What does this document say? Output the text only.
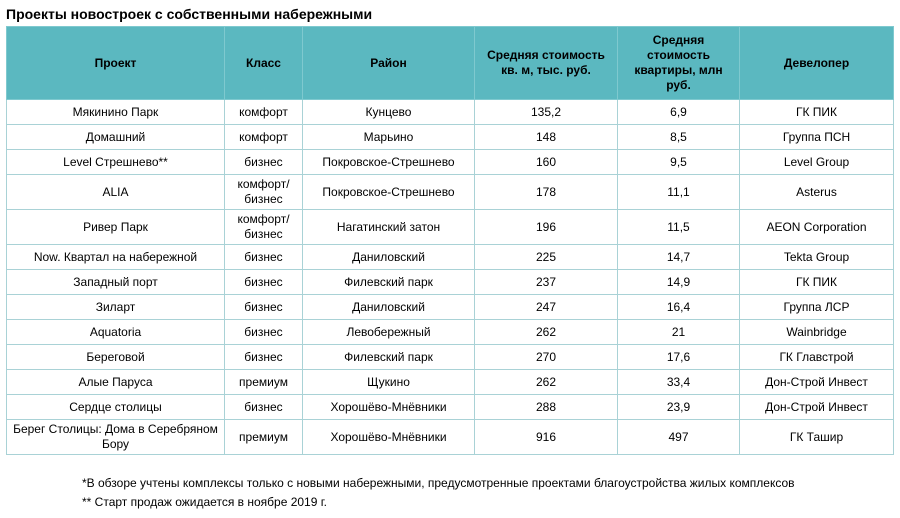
Проекты новостроек с собственными набережными
Проект	Класс	Район	Средняя стоимость кв. м, тыс. руб.	Средняя стоимость квартиры, млн руб.	Девелопер
Мякинино Парк	комфорт	Кунцево	135,2	6,9	ГК ПИК
Домашний	комфорт	Марьино	148	8,5	Группа ПСН
Level Стрешнево**	бизнес	Покровское-Стрешнево	160	9,5	Level Group
ALIA	комфорт/ бизнес	Покровское-Стрешнево	178	11,1	Asterus
Ривер Парк	комфорт/ бизнес	Нагатинский затон	196	11,5	AEON Corporation
Now. Квартал на набережной	бизнес	Даниловский	225	14,7	Tekta Group
Западный порт	бизнес	Филевский парк	237	14,9	ГК ПИК
Зиларт	бизнес	Даниловский	247	16,4	Группа ЛСР
Aquatoria	бизнес	Левобережный	262	21	Wainbridge
Береговой	бизнес	Филевский парк	270	17,6	ГК Главстрой
Алые Паруса	премиум	Щукино	262	33,4	Дон-Строй Инвест
Сердце столицы	бизнес	Хорошёво-Мнёвники	288	23,9	Дон-Строй Инвест
Берег Столицы: Дома в Серебряном Бору	премиум	Хорошёво-Мнёвники	916	497	ГК Ташир
*В обзоре учтены комплексы только с новыми набережными, предусмотренные проектами благоустройства жилых комплексов
** Старт продаж ожидается в ноябре 2019 г.
